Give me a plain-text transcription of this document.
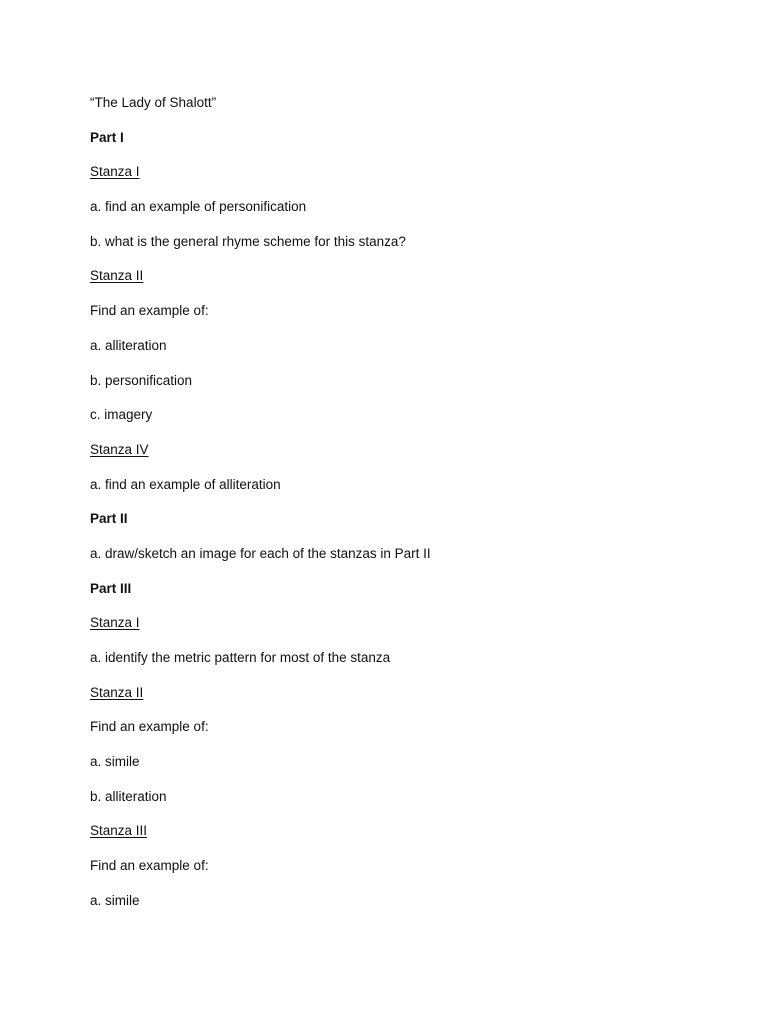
“The Lady of Shalott”
Part I
Stanza I
a. find an example of personification
b. what is the general rhyme scheme for this stanza?
Stanza II
Find an example of:
a. alliteration
b. personification
c. imagery
Stanza IV
a. find an example of alliteration
Part II
a. draw/sketch an image for each of the stanzas in Part II
Part III
Stanza I
a. identify the metric pattern for most of the stanza
Stanza II
Find an example of:
a. simile
b. alliteration
Stanza III
Find an example of:
a. simile
